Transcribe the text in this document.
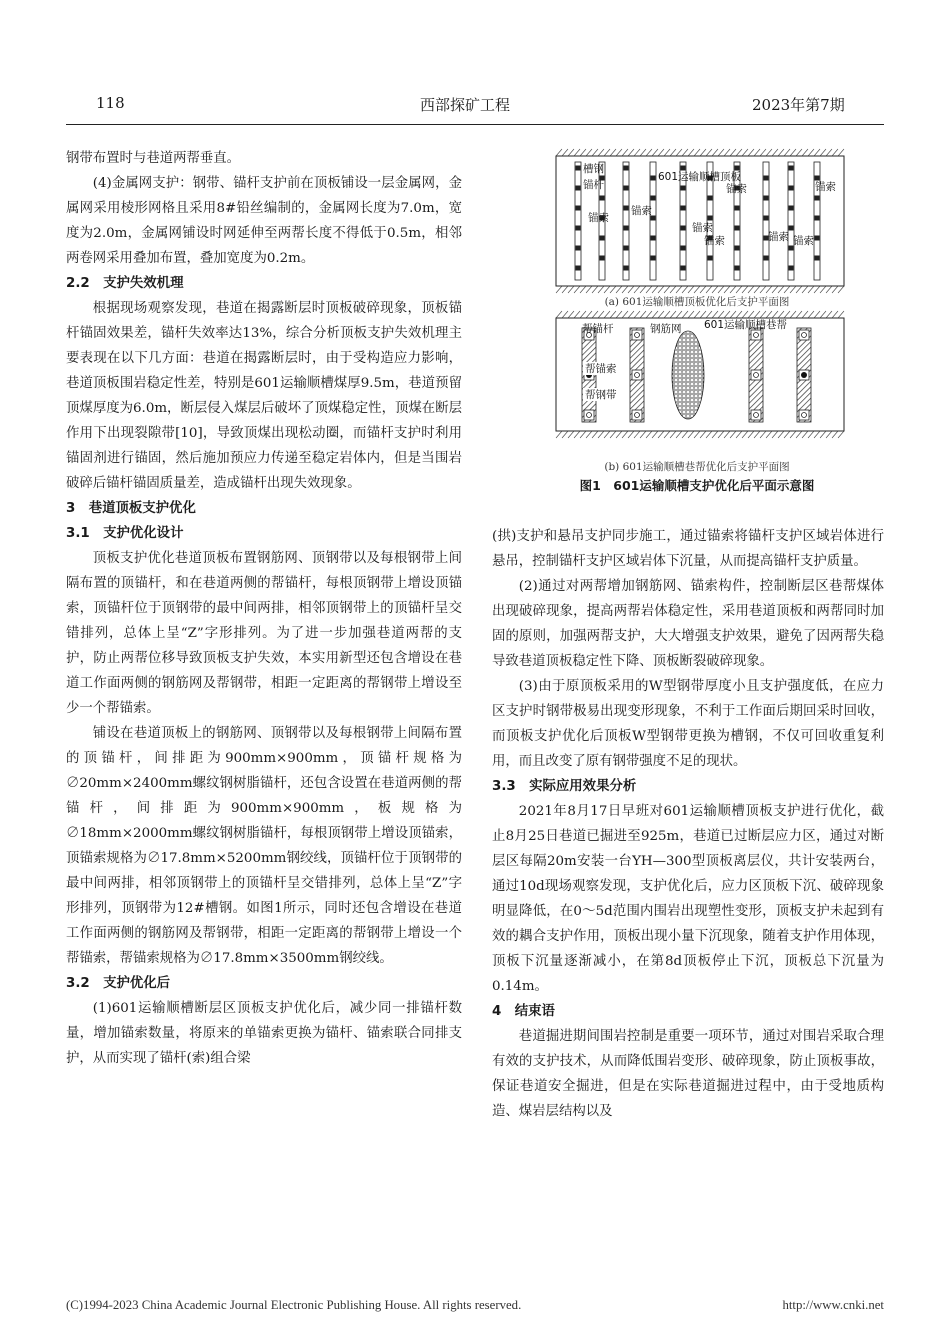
118	西部探矿工程	2023年第7期

钢带布置时与巷道两帮垂直。

(4)金属网支护：钢带、锚杆支护前在顶板铺设一层金属网，金属网采用棱形网格且采用8#铅丝编制的，金属网长度为7.0m，宽度为2.0m，金属网铺设时网延伸至两帮长度不得低于0.5m，相邻两卷网采用叠加布置，叠加宽度为0.2m。

2.2　支护失效机理

根据现场观察发现，巷道在揭露断层时顶板破碎现象，顶板锚杆锚固效果差，锚杆失效率达13%，综合分析顶板支护失效机理主要表现在以下几方面：巷道在揭露断层时，由于受构造应力影响，巷道顶板围岩稳定性差，特别是601运输顺槽煤厚9.5m，巷道预留顶煤厚度为6.0m，断层侵入煤层后破坏了顶煤稳定性，顶煤在断层作用下出现裂隙带[10]，导致顶煤出现松动圈，而锚杆支护时利用锚固剂进行锚固，然后施加预应力传递至稳定岩体内，但是当围岩破碎后锚杆锚固质量差，造成锚杆出现失效现象。

3　巷道顶板支护优化

3.1　支护优化设计

顶板支护优化巷道顶板布置钢筋网、顶钢带以及每根钢带上间隔布置的顶锚杆，和在巷道两侧的帮锚杆，每根顶钢带上增设顶锚索，顶锚杆位于顶钢带的最中间两排，相邻顶钢带上的顶锚杆呈交错排列，总体上呈“Z”字形排列。为了进一步加强巷道两帮的支护，防止两帮位移导致顶板支护失效，本实用新型还包含增设在巷道工作面两侧的钢筋网及帮钢带，相距一定距离的帮钢带上增设至少一个帮锚索。

铺设在巷道顶板上的钢筋网、顶钢带以及每根钢带上间隔布置的顶锚杆，间排距为900mm×900mm，顶锚杆规格为∅20mm×2400mm螺纹钢树脂锚杆，还包含设置在巷道两侧的帮锚杆，间排距为900mm×900mm，板规格为∅18mm×2000mm螺纹钢树脂锚杆，每根顶钢带上增设顶锚索，顶锚索规格为∅17.8mm×5200mm钢绞线，顶锚杆位于顶钢带的最中间两排，相邻顶钢带上的顶锚杆呈交错排列，总体上呈“Z”字形排列，顶钢带为12#槽钢。如图1所示，同时还包含增设在巷道工作面两侧的钢筋网及帮钢带，相距一定距离的帮钢带上增设一个帮锚索，帮锚索规格为∅17.8mm×3500mm钢绞线。

3.2　支护优化后

(1)601运输顺槽断层区顶板支护优化后，减少同一排锚杆数量，增加锚索数量，将原来的单锚索更换为锚杆、锚索联合同排支护，从而实现了锚杆(索)组合梁

槽钢
锚杆
601运输顺槽顶板
锚索
锚索
锚索
锚索
锚索	锚索
锚索
锚索
帮锚杆	钢筋网 601运输顺槽巷帮
帮锚索
帮钢带
(a) 601运输顺槽顶板优化后支护平面图
(b) 601运输顺槽巷帮优化后支护平面图
图1　601运输顺槽支护优化后平面示意图

(拱)支护和悬吊支护同步施工，通过锚索将锚杆支护区域岩体进行悬吊，控制锚杆支护区域岩体下沉量，从而提高锚杆支护质量。

(2)通过对两帮增加钢筋网、锚索构件，控制断层区巷帮煤体出现破碎现象，提高两帮岩体稳定性，采用巷道顶板和两帮同时加固的原则，加强两帮支护，大大增强支护效果，避免了因两帮失稳导致巷道顶板稳定性下降、顶板断裂破碎现象。

(3)由于原顶板采用的W型钢带厚度小且支护强度低，在应力区支护时钢带极易出现变形现象，不利于工作面后期回采时回收，而顶板支护优化后顶板W型钢带更换为槽钢，不仅可回收重复利用，而且改变了原有钢带强度不足的现状。

3.3　实际应用效果分析

2021年8月17日早班对601运输顺槽顶板支护进行优化，截止8月25日巷道已掘进至925m，巷道已过断层应力区，通过对断层区每隔20m安装一台YH—300型顶板离层仪，共计安装两台，通过10d现场观察发现，支护优化后，应力区顶板下沉、破碎现象明显降低，在0～5d范围内围岩出现塑性变形，顶板支护未起到有效的耦合支护作用，顶板出现小量下沉现象，随着支护作用体现，顶板下沉量逐渐减小，在第8d顶板停止下沉，顶板总下沉量为0.14m。

4　结束语

巷道掘进期间围岩控制是重要一项环节，通过对围岩采取合理有效的支护技术，从而降低围岩变形、破碎现象，防止顶板事故，保证巷道安全掘进，但是在实际巷道掘进过程中，由于受地质构造、煤岩层结构以及

(C)1994-2023 China Academic Journal Electronic Publishing House. All rights reserved.	http://www.cnki.net
